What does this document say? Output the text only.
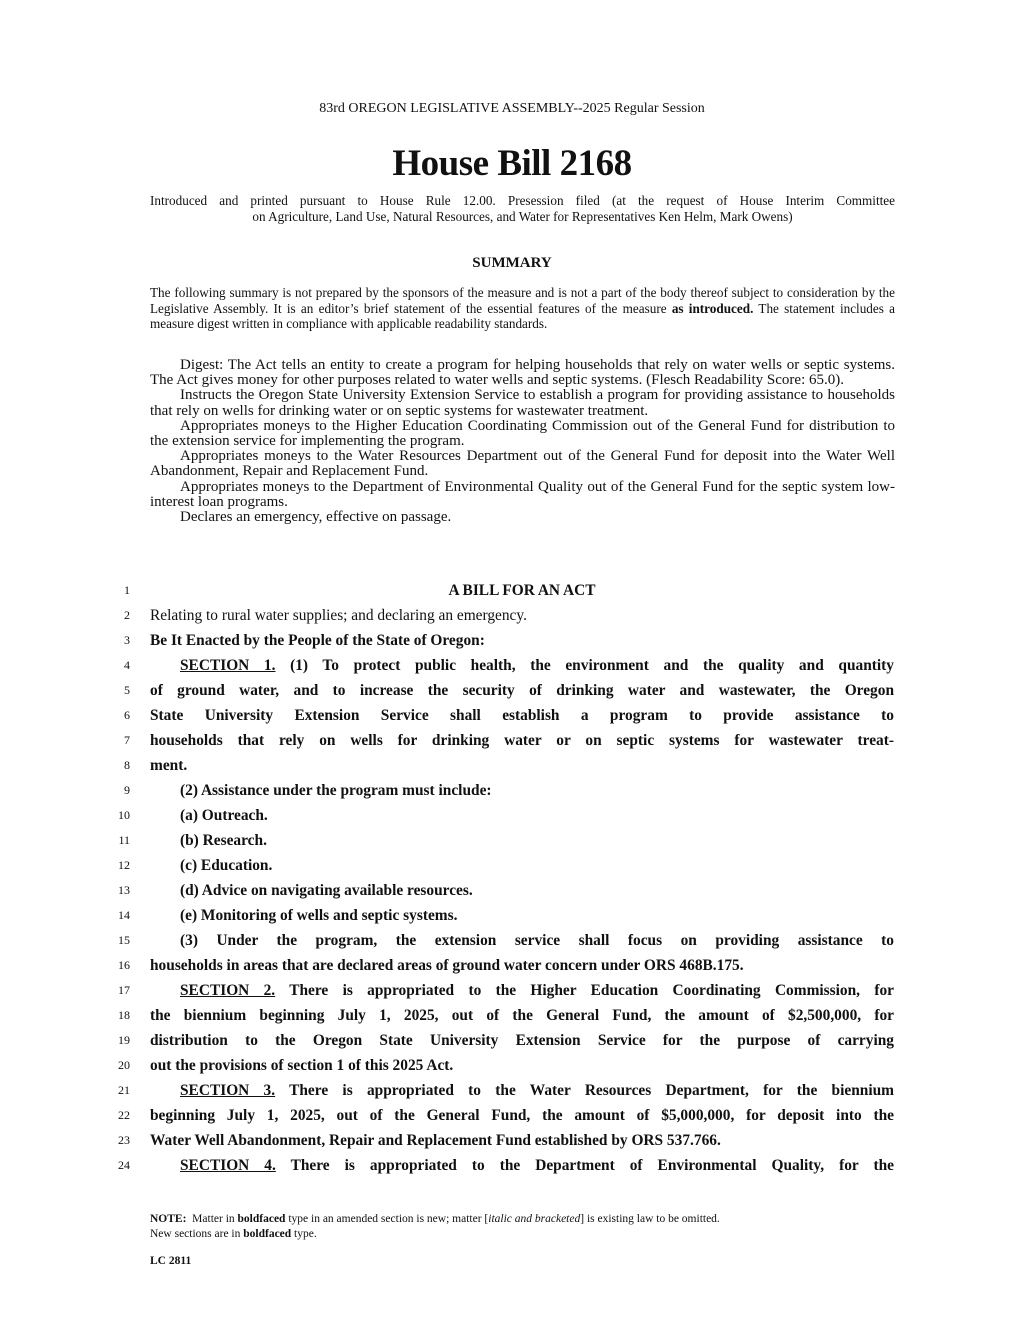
83rd OREGON LEGISLATIVE ASSEMBLY--2025 Regular Session
House Bill 2168
Introduced and printed pursuant to House Rule 12.00. Presession filed (at the request of House Interim Committee
on Agriculture, Land Use, Natural Resources, and Water for Representatives Ken Helm, Mark Owens)
SUMMARY
The following summary is not prepared by the sponsors of the measure and is not a part of the body thereof subject to consideration by the Legislative Assembly. It is an editor’s brief statement of the essential features of the measure as introduced. The statement includes a measure digest written in compliance with applicable readability standards.

Digest: The Act tells an entity to create a program for helping households that rely on water wells or septic systems. The Act gives money for other purposes related to water wells and septic systems. (Flesch Readability Score: 65.0).

Instructs the Oregon State University Extension Service to establish a program for providing assistance to households that rely on wells for drinking water or on septic systems for wastewater treatment.

Appropriates moneys to the Higher Education Coordinating Commission out of the General Fund for distribution to the extension service for implementing the program.

Appropriates moneys to the Water Resources Department out of the General Fund for deposit into the Water Well Abandonment, Repair and Replacement Fund.

Appropriates moneys to the Department of Environmental Quality out of the General Fund for the septic system low-interest loan programs.

Declares an emergency, effective on passage.

1	A BILL FOR AN ACT
2 Relating to rural water supplies; and declaring an emergency.
3 Be It Enacted by the People of the State of Oregon:
4	SECTION 1. (1) To protect public health, the environment and the quality and quantity
5 of ground water, and to increase the security of drinking water and wastewater, the Oregon
6 State University Extension Service shall establish a program to provide assistance to
7 households that rely on wells for drinking water or on septic systems for wastewater treat-
8 ment.
9	(2) Assistance under the program must include:
10	(a) Outreach.
11	(b) Research.
12	(c) Education.
13	(d) Advice on navigating available resources.
14	(e) Monitoring of wells and septic systems.
15	(3) Under the program, the extension service shall focus on providing assistance to
16 households in areas that are declared areas of ground water concern under ORS 468B.175.
17	SECTION 2. There is appropriated to the Higher Education Coordinating Commission, for
18 the biennium beginning July 1, 2025, out of the General Fund, the amount of $2,500,000, for
19 distribution to the Oregon State University Extension Service for the purpose of carrying
20 out the provisions of section 1 of this 2025 Act.
21	SECTION 3. There is appropriated to the Water Resources Department, for the biennium
22 beginning July 1, 2025, out of the General Fund, the amount of $5,000,000, for deposit into the
23 Water Well Abandonment, Repair and Replacement Fund established by ORS 537.766.
24	SECTION 4. There is appropriated to the Department of Environmental Quality, for the
NOTE: Matter in boldfaced type in an amended section is new; matter [italic and bracketed] is existing law to be omitted.
New sections are in boldfaced type.
LC 2811
